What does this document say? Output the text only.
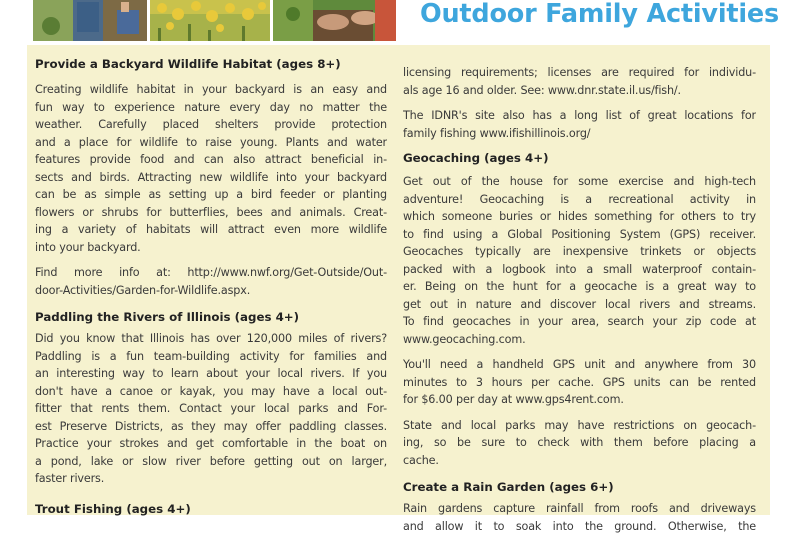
Outdoor Family Activities

Provide a Backyard Wildlife Habitat (ages 8+)

Creating wildlife habitat in your backyard is an easy and
fun way to experience nature every day no matter the
weather. Carefully placed shelters provide protection
and a place for wildlife to raise young. Plants and water
features provide food and can also attract beneficial in-
sects and birds. Attracting new wildlife into your backyard
can be as simple as setting up a bird feeder or planting
flowers or shrubs for butterflies, bees and animals. Creat-
ing a variety of habitats will attract even more wildlife
into your backyard.

Find more info at: http://www.nwf.org/Get-Outside/Out-
door-Activities/Garden-for-Wildlife.aspx.

Paddling the Rivers of Illinois (ages 4+)

Did you know that Illinois has over 120,000 miles of rivers?
Paddling is a fun team-building activity for families and
an interesting way to learn about your local rivers. If you
don't have a canoe or kayak, you may have a local out-
fitter that rents them. Contact your local parks and For-
est Preserve Districts, as they may offer paddling classes.
Practice your strokes and get comfortable in the boat on
a pond, lake or slow river before getting out on larger,
faster rivers.

Trout Fishing (ages 4+)

licensing requirements; licenses are required for individu-
als age 16 and older. See: www.dnr.state.il.us/fish/.

The IDNR's site also has a long list of great locations for
family fishing www.ifishillinois.org/

Geocaching (ages 4+)

Get out of the house for some exercise and high-tech
adventure! Geocaching is a recreational activity in
which someone buries or hides something for others to try
to find using a Global Positioning System (GPS) receiver.
Geocaches typically are inexpensive trinkets or objects
packed with a logbook into a small waterproof contain-
er. Being on the hunt for a geocache is a great way to
get out in nature and discover local rivers and streams.
To find geocaches in your area, search your zip code at
www.geocaching.com.

You'll need a handheld GPS unit and anywhere from 30
minutes to 3 hours per cache. GPS units can be rented
for $6.00 per day at www.gps4rent.com.

State and local parks may have restrictions on geocach-
ing, so be sure to check with them before placing a
cache.

Create a Rain Garden (ages 6+)

Rain gardens capture rainfall from roofs and driveways
and allow it to soak into the ground. Otherwise, the
